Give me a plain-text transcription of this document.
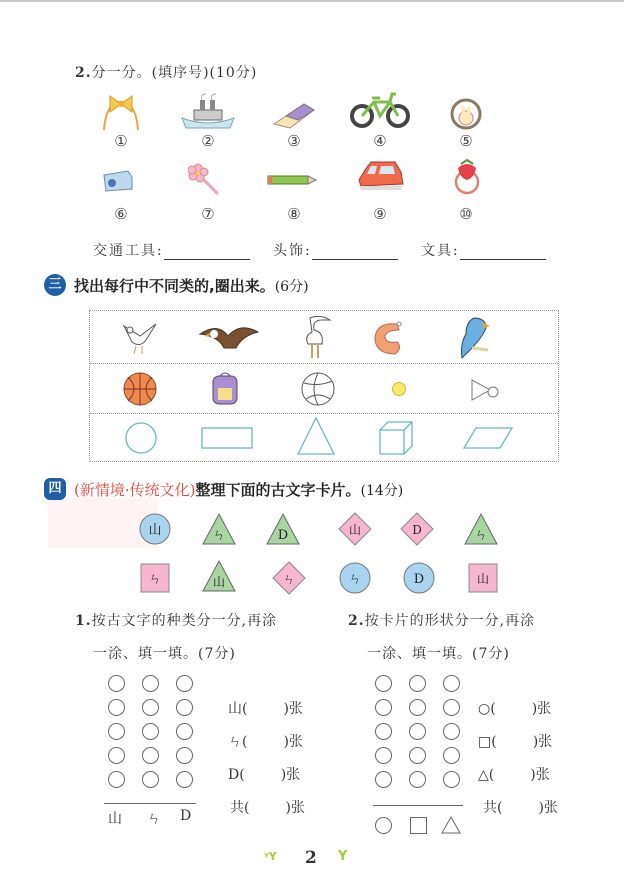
2.分一分。(填序号)(10分)
①	②	③	④	⑤
⑥	⑦	⑧	⑨	⑩
交通工具:	头饰:	文具:
三 找出每行中不同类的,圈出来。(6分)
四 (新情境·传统文化)整理下面的古文字卡片。(14分)
山	ㄣ	D	山	D	ㄣ
ㄣ	山	ㄣ	ㄣ	D	山
1.按古文字的种类分一分,再涂
一涂、填一填。(7分)
2.按卡片的形状分一分,再涂
一涂、填一填。(7分)
山 ㄣ D
山(	)张
ㄣ(	)张
D(	)张
共(	)张
○(	)张
□(	)张
△(	)张
共(	)张
ᵞY 2 Y
